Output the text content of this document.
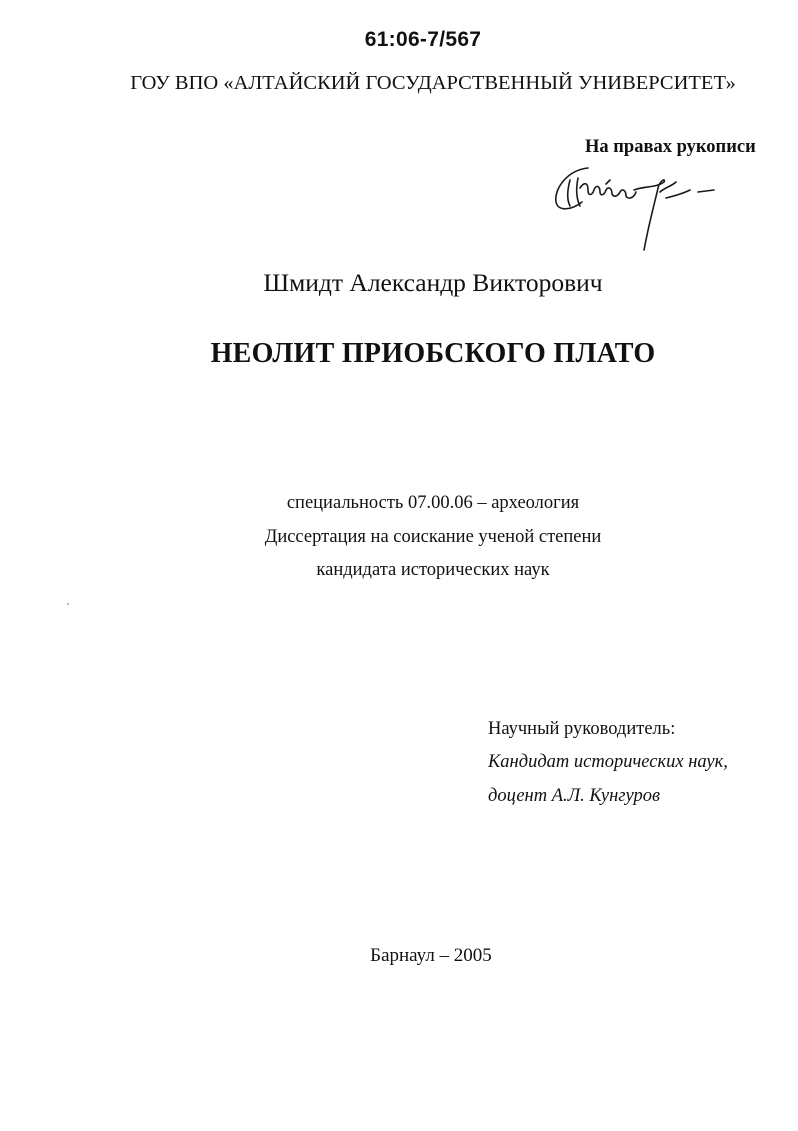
61:06-7/567
ГОУ ВПО «АЛТАЙСКИЙ ГОСУДАРСТВЕННЫЙ УНИВЕРСИТЕТ»
На правах рукописи
Шмидт Александр Викторович
НЕОЛИТ ПРИОБСКОГО ПЛАТО
специальность 07.00.06 – археология
Диссертация на соискание ученой степени
кандидата исторических наук
Научный руководитель:
Кандидат исторических наук,
доцент А.Л. Кунгуров
Барнаул – 2005
